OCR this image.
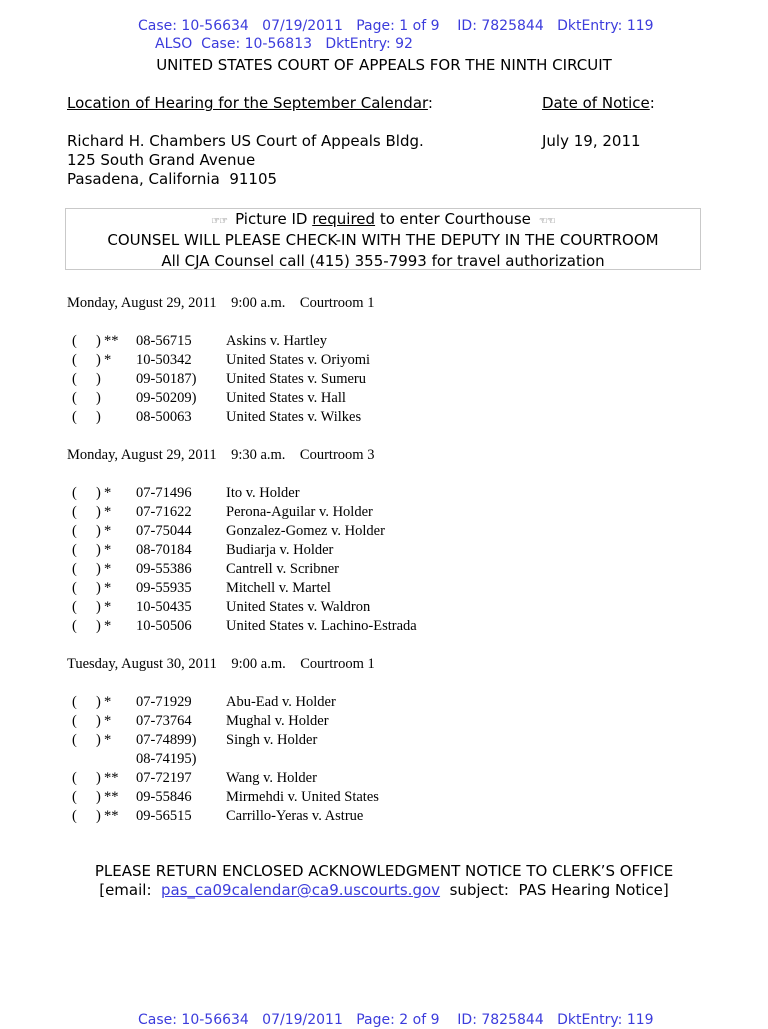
Case: 10-56634   07/19/2011   Page: 1 of 9    ID: 7825844   DktEntry: 119
ALSO  Case: 10-56813   DktEntry: 92
UNITED STATES COURT OF APPEALS FOR THE NINTH CIRCUIT
Location of Hearing for the September Calendar:	Date of Notice:
Richard H. Chambers US Court of Appeals Bldg.	July 19, 2011
125 South Grand Avenue
Pasadena, California  91105
☞☞ Picture ID required to enter Courthouse ☜☜
COUNSEL WILL PLEASE CHECK-IN WITH THE DEPUTY IN THE COURTROOM
All CJA Counsel call (415) 355-7993 for travel authorization
Monday, August 29, 2011    9:00 a.m.    Courtroom 1
( ) ** 08-56715 Askins v. Hartley
( ) * 10-50342 United States v. Oriyomi
( ) 09-50187) United States v. Sumeru
( ) 09-50209) United States v. Hall
( ) 08-50063 United States v. Wilkes
Monday, August 29, 2011    9:30 a.m.    Courtroom 3
( ) * 07-71496 Ito v. Holder
( ) * 07-71622 Perona-Aguilar v. Holder
( ) * 07-75044 Gonzalez-Gomez v. Holder
( ) * 08-70184 Budiarja v. Holder
( ) * 09-55386 Cantrell v. Scribner
( ) * 09-55935 Mitchell v. Martel
( ) * 10-50435 United States v. Waldron
( ) * 10-50506 United States v. Lachino-Estrada
Tuesday, August 30, 2011    9:00 a.m.    Courtroom 1
( ) * 07-71929 Abu-Ead v. Holder
( ) * 07-73764 Mughal v. Holder
( ) * 07-74899) Singh v. Holder
08-74195)
( ) ** 07-72197 Wang v. Holder
( ) ** 09-55846 Mirmehdi v. United States
( ) ** 09-56515 Carrillo-Yeras v. Astrue
PLEASE RETURN ENCLOSED ACKNOWLEDGMENT NOTICE TO CLERK’S OFFICE
[email:  pas_ca09calendar@ca9.uscourts.gov  subject:  PAS Hearing Notice]
Case: 10-56634   07/19/2011   Page: 2 of 9    ID: 7825844   DktEntry: 119
